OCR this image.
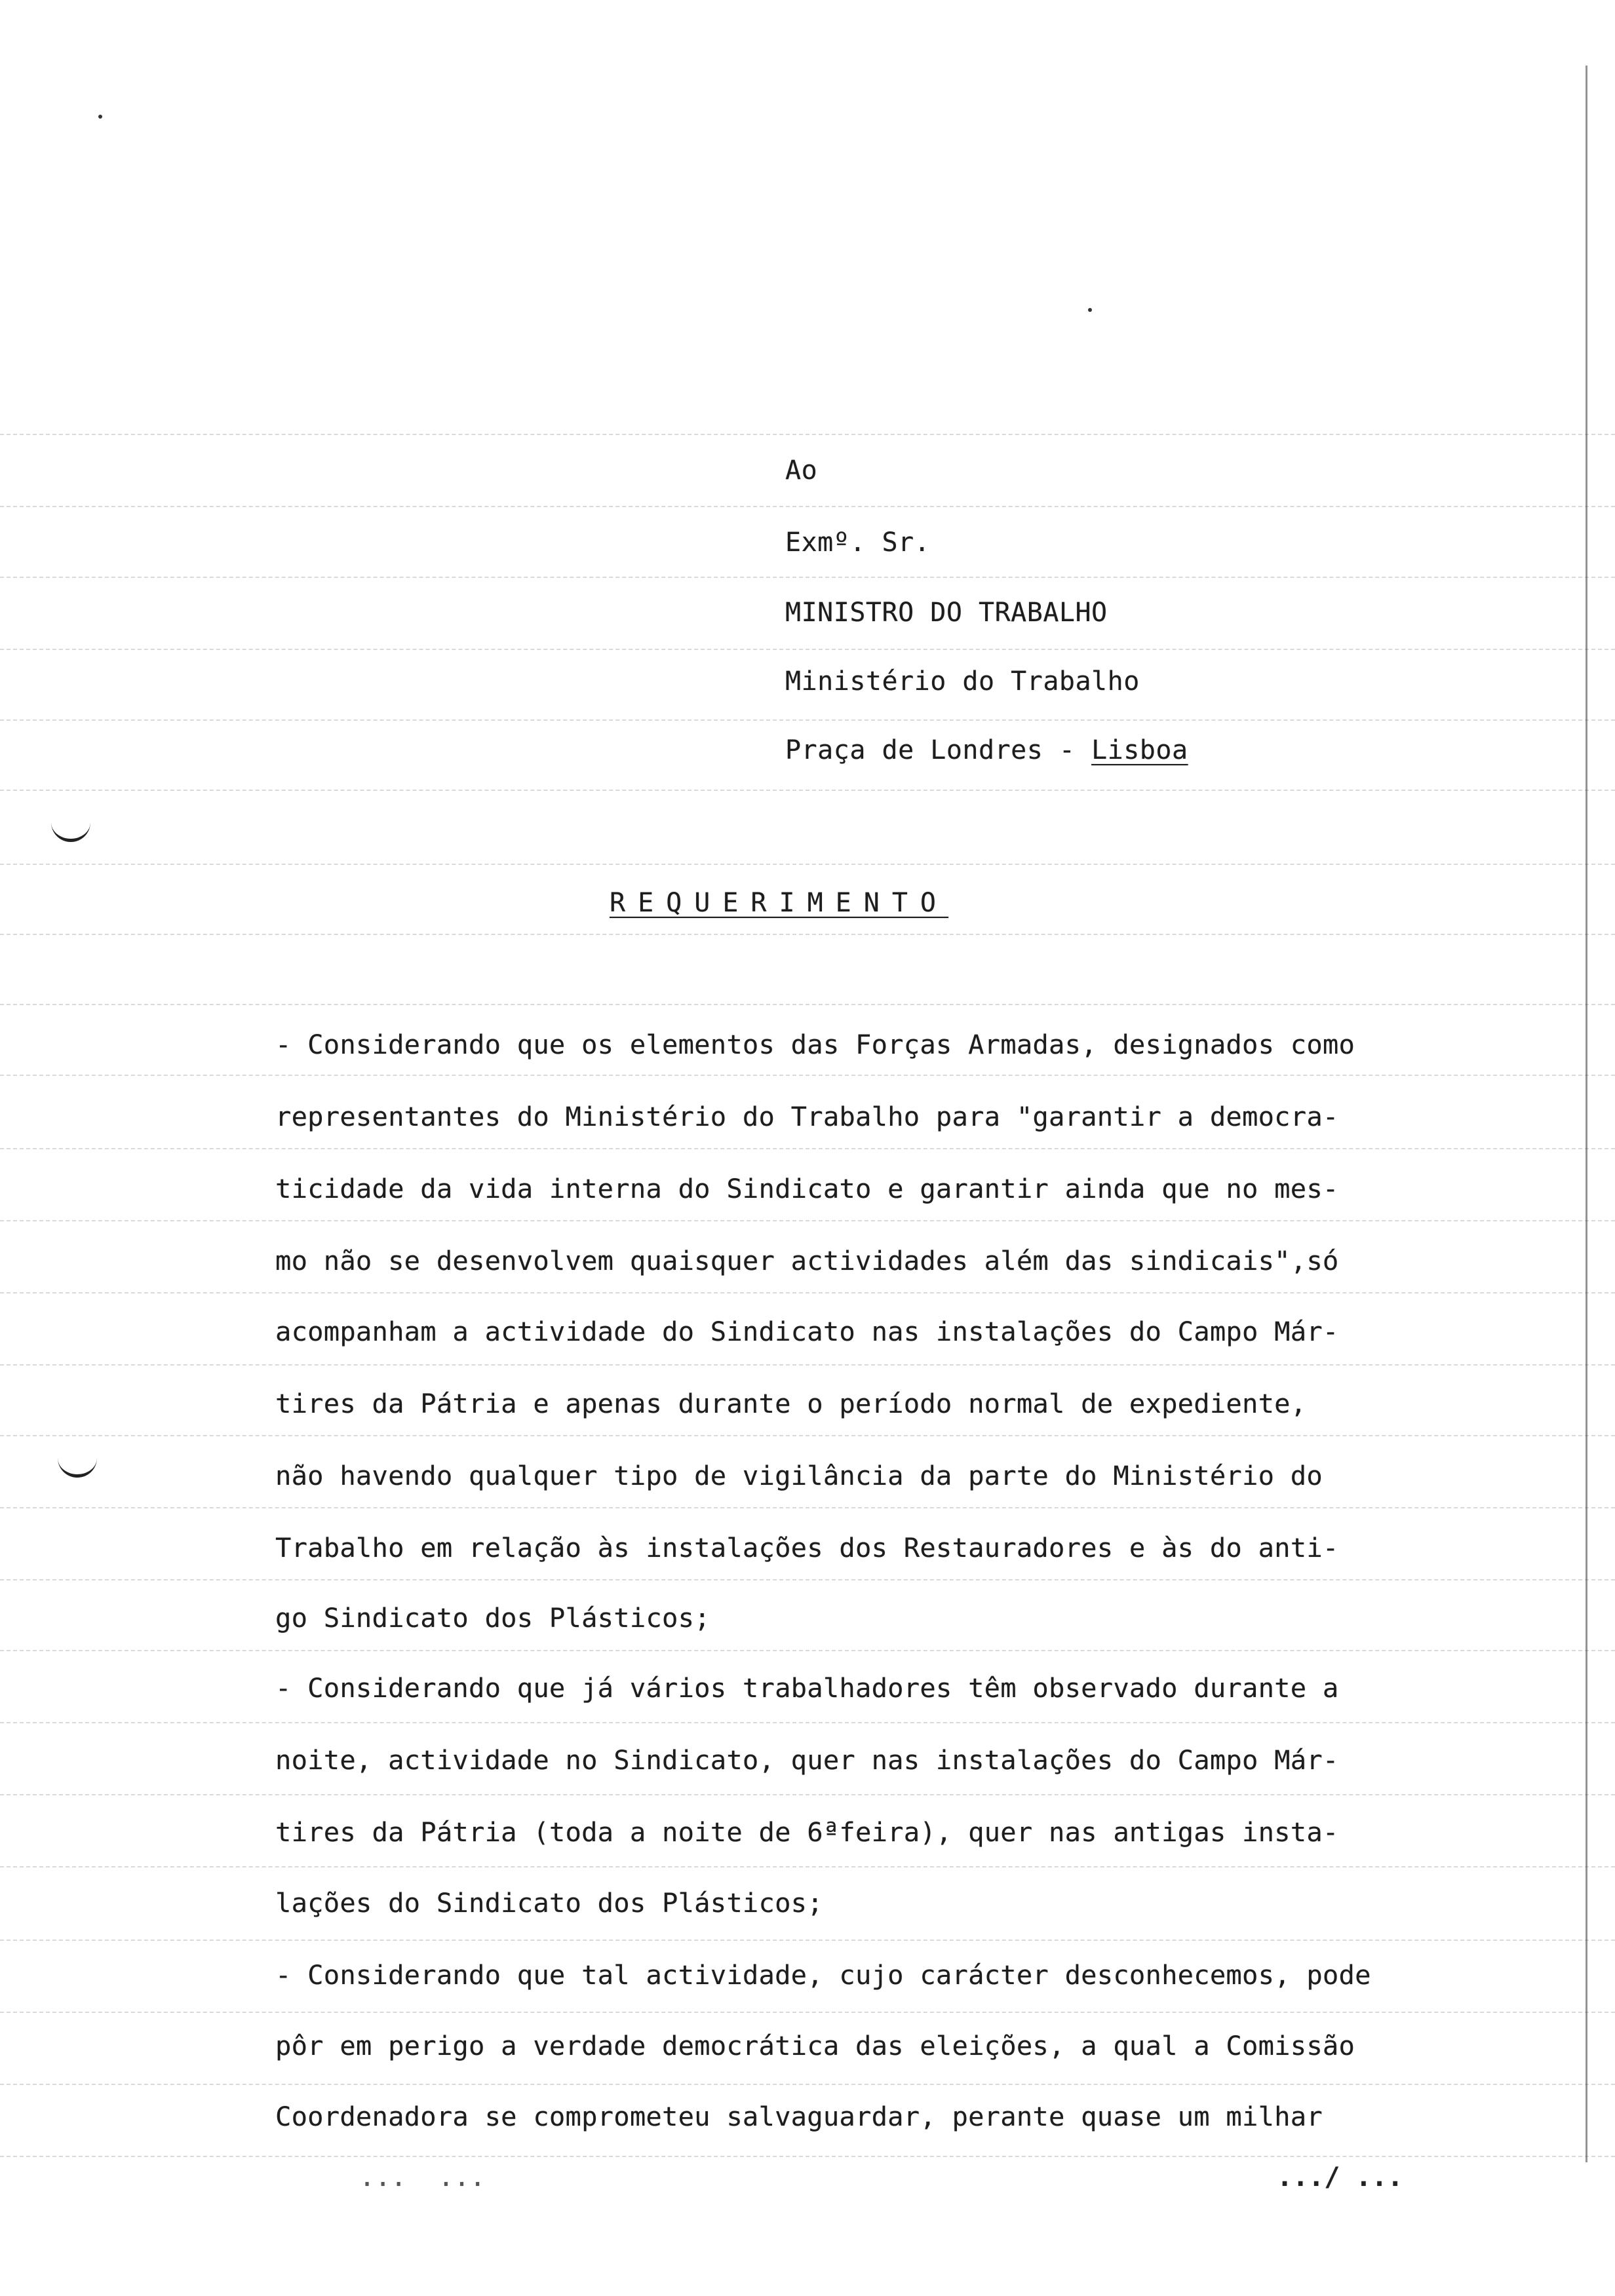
Ao
Exmº. Sr.
MINISTRO DO TRABALHO
Ministério do Trabalho
Praça de Londres - Lisboa
REQUERIMENTO
- Considerando que os elementos das Forças Armadas, designados como
representantes do Ministério do Trabalho para "garantir a democra-
ticidade da vida interna do Sindicato e garantir ainda que no mes-
mo não se desenvolvem quaisquer actividades além das sindicais",só
acompanham a actividade do Sindicato nas instalações do Campo Már-
tires da Pátria e apenas durante o período normal de expediente,
não havendo qualquer tipo de vigilância da parte do Ministério do
Trabalho em relação às instalações dos Restauradores e às do anti-
go Sindicato dos Plásticos;
- Considerando que já vários trabalhadores têm observado durante a
noite, actividade no Sindicato, quer nas instalações do Campo Már-
tires da Pátria (toda a noite de 6ªfeira), quer nas antigas insta-
lações do Sindicato dos Plásticos;
- Considerando que tal actividade, cujo carácter desconhecemos, pode
pôr em perigo a verdade democrática das eleições, a qual a Comissão
Coordenadora se comprometeu salvaguardar, perante quase um milhar
...  ...	.../ ...
